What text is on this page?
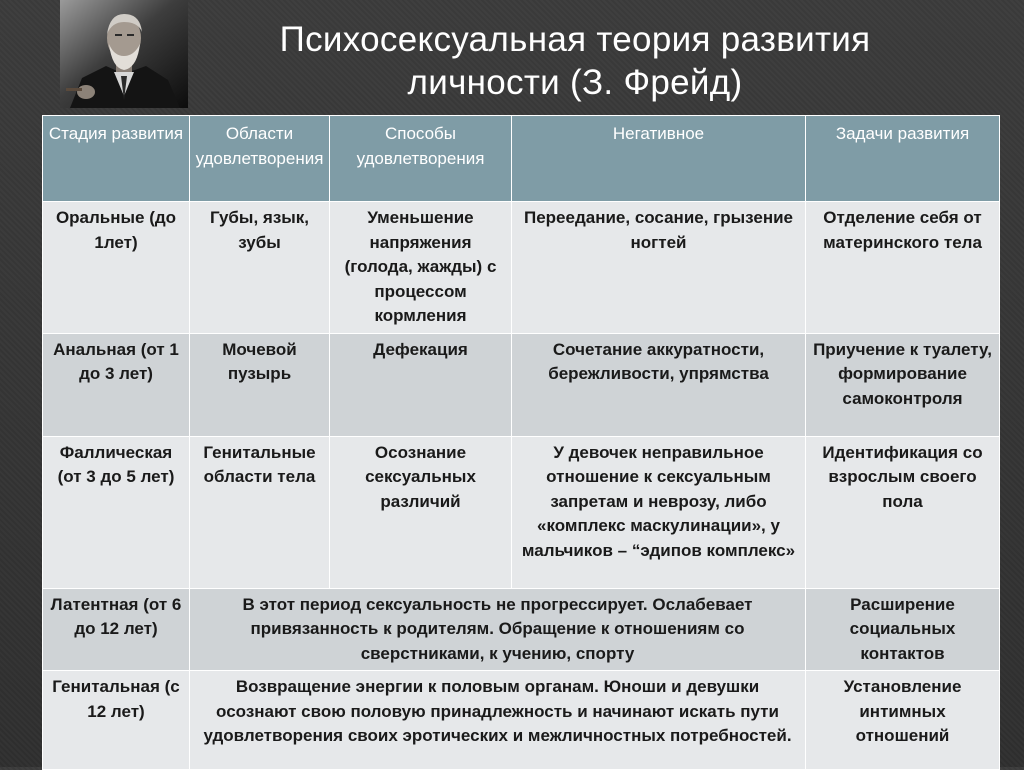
Психосексуальная теория развития
личности (З. Фрейд)
Стадия развития	Области удовлетворения	Способы удовлетворения	Негативное	Задачи развития
Оральные (до 1лет)	Губы, язык, зубы	Уменьшение напряжения (голода, жажды) с процессом кормления	Переедание, сосание, грызение ногтей	Отделение себя от материнского тела
Анальная (от 1 до 3 лет)	Мочевой пузырь	Дефекация	Сочетание аккуратности, бережливости, упрямства	Приучение к туалету, формирование самоконтроля
Фаллическая (от 3 до 5 лет)	Генитальные области тела	Осознание сексуальных различий	У девочек неправильное отношение к сексуальным запретам и неврозу, либо «комплекс маскулинации», у мальчиков – “эдипов комплекс»	Идентификация со взрослым своего пола
Латентная (от 6 до 12 лет)	В этот период сексуальность не прогрессирует. Ослабевает привязанность к родителям. Обращение к отношениям со сверстниками, к учению, спорту			Расширение социальных контактов
Генитальная (с 12 лет)	Возвращение энергии к половым органам. Юноши и девушки осознают свою половую принадлежность и начинают искать пути удовлетворения своих эротических и межличностных потребностей.			Установление интимных отношений
